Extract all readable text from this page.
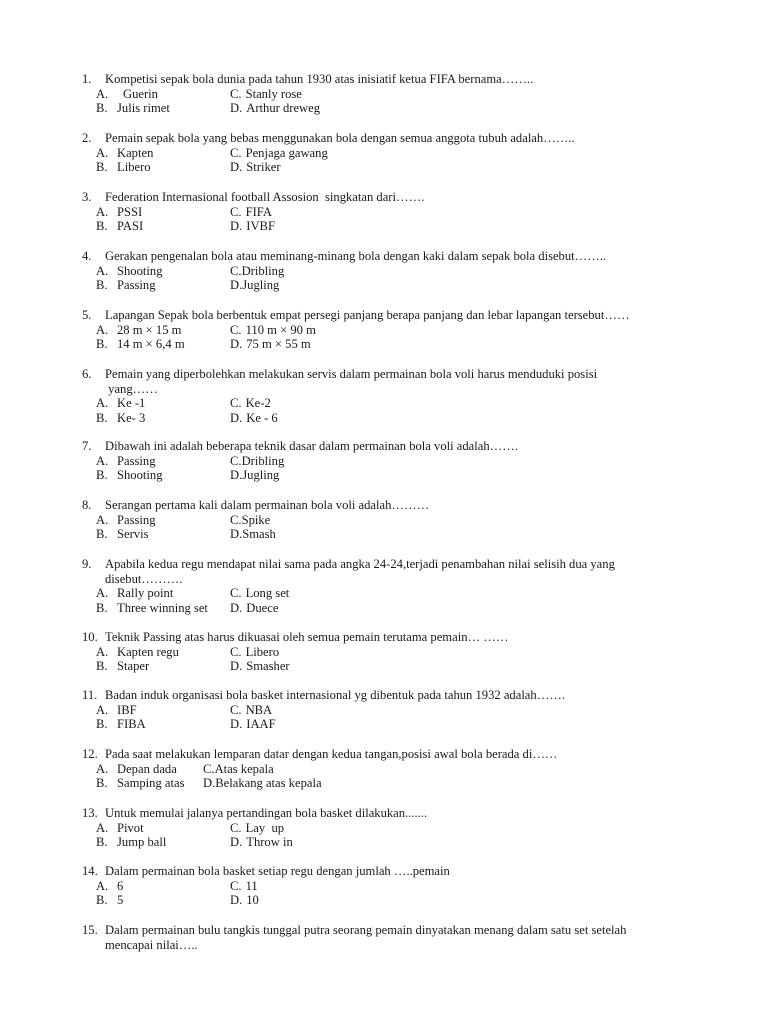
1.	Kompetisi sepak bola dunia pada tahun 1930 atas inisiatif ketua FIFA bernama……..
A.	Guerin	C. Stanly rose
B. Julis rimet	D. Arthur dreweg
2.	Pemain sepak bola yang bebas menggunakan bola dengan semua anggota tubuh adalah……..
A. Kapten	C. Penjaga gawang
B. Libero	D. Striker
3.	Federation Internasional football Assosion  singkatan dari…….
A. PSSI	C. FIFA
B. PASI	D. IVBF
4.	Gerakan pengenalan bola atau meminang-minang bola dengan kaki dalam sepak bola disebut……..
A. Shooting	C. Dribling
B. Passing	D. Jugling
5.	Lapangan Sepak bola berbentuk empat persegi panjang berapa panjang dan lebar lapangan tersebut……
A. 28 m × 15 m	C. 110 m × 90 m
B. 14 m × 6,4 m	D. 75 m × 55 m
6.	Pemain yang diperbolehkan melakukan servis dalam permainan bola voli harus menduduki posisi
yang……
A. Ke -1	C. Ke-2
B. Ke- 3	D. Ke - 6
7.	Dibawah ini adalah beberapa teknik dasar dalam permainan bola voli adalah…….
A. Passing	C. Dribling
B. Shooting	D. Jugling
8.	Serangan pertama kali dalam permainan bola voli adalah………
A. Passing	C. Spike
B. Servis	D. Smash
9.	Apabila kedua regu mendapat nilai sama pada angka 24-24,terjadi penambahan nilai selisih dua yang
disebut……….
A. Rally point	C. Long set
B. Three winning set D. Duece
10. Teknik Passing atas harus dikuasai oleh semua pemain terutama pemain… ……
A. Kapten regu	C. Libero
B. Staper	D. Smasher
11. Badan induk organisasi bola basket internasional yg dibentuk pada tahun 1932 adalah…….
A. IBF	C. NBA
B. FIBA	D. IAAF
12. Pada saat melakukan lemparan datar dengan kedua tangan,posisi awal bola berada di……
A. Depan dada C. Atas kepala
B. Samping atas D. Belakang atas kepala
13. Untuk memulai jalanya pertandingan bola basket dilakukan.......
A. Pivot	C. Lay  up
B. Jump ball	D. Throw in
14. Dalam permainan bola basket setiap regu dengan jumlah …..pemain
A. 6	C. 11
B. 5	D. 10
15. Dalam permainan bulu tangkis tunggal putra seorang pemain dinyatakan menang dalam satu set setelah
mencapai nilai…..
